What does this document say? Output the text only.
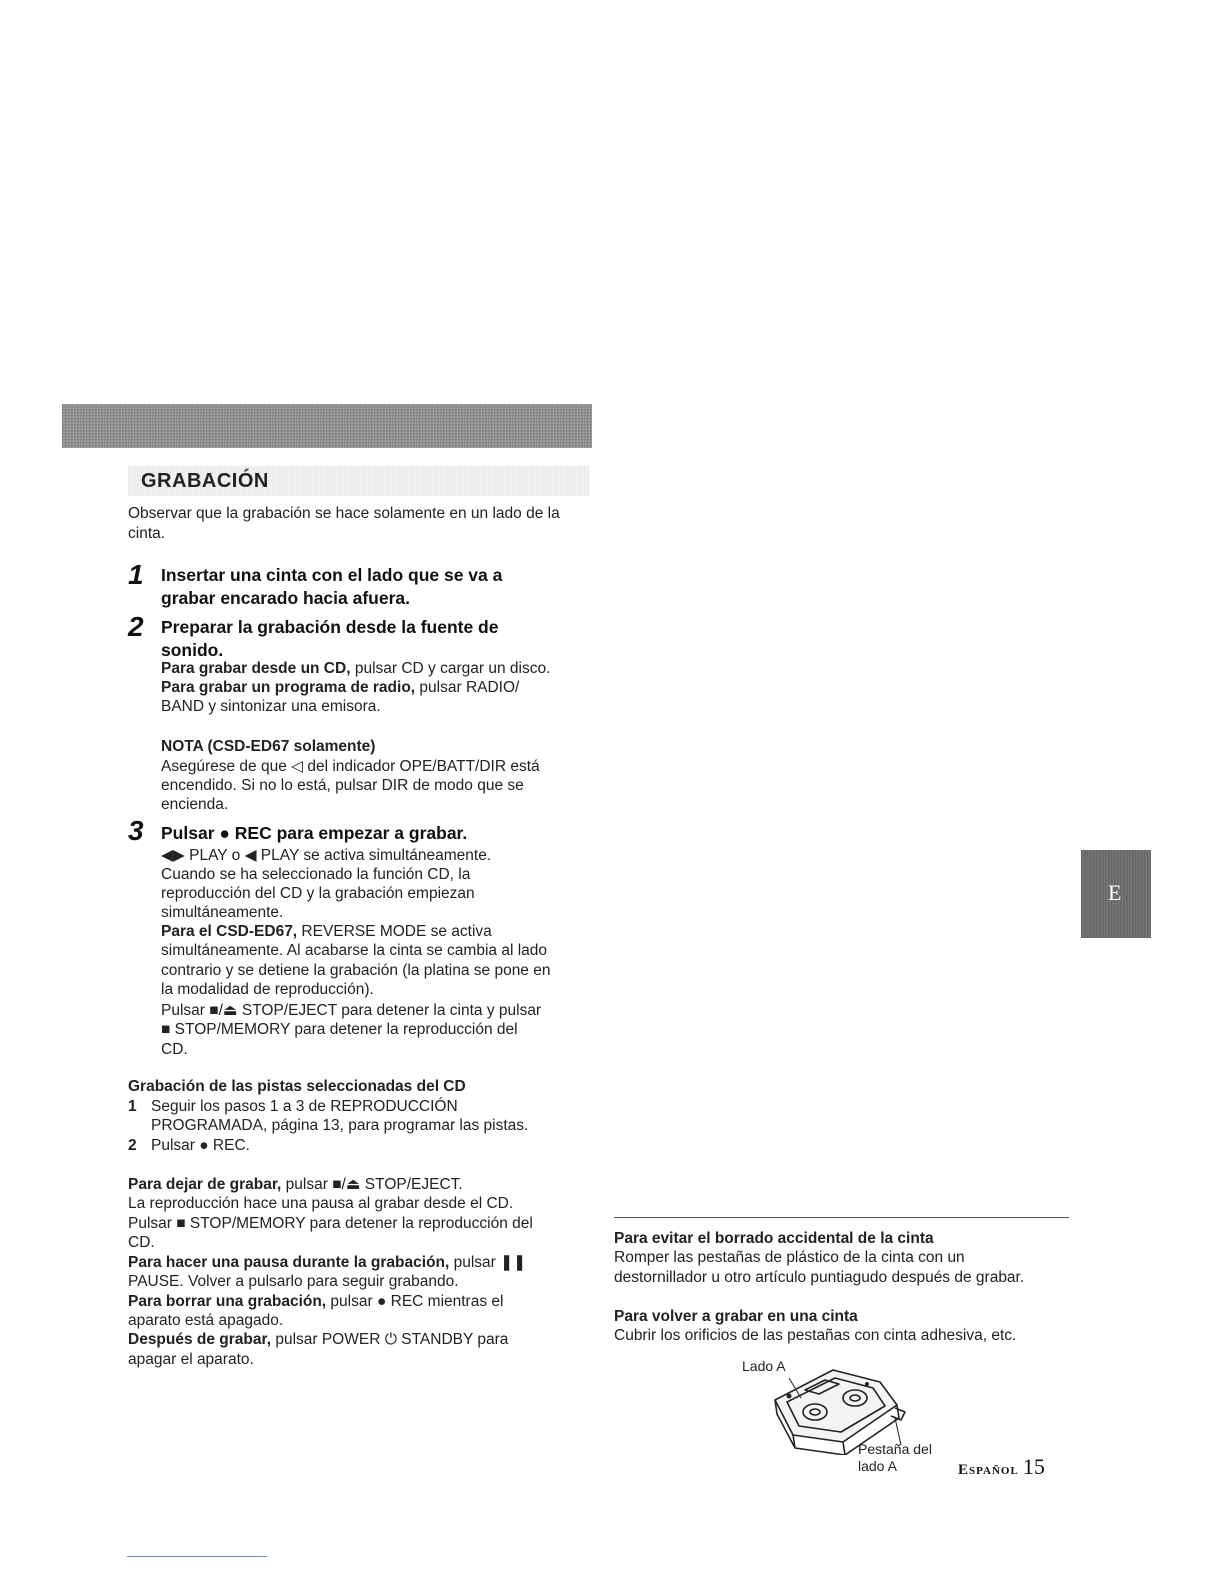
GRABACIÓN
Observar que la grabación se hace solamente en un lado de la cinta.
1 Insertar una cinta con el lado que se va a
grabar encarado hacia afuera.
2 Preparar la grabación desde la fuente de
sonido.
Para grabar desde un CD, pulsar CD y cargar un disco.
Para grabar un programa de radio, pulsar RADIO/
BAND y sintonizar una emisora.
NOTA (CSD-ED67 solamente)
Asegúrese de que ◁ del indicador OPE/BATT/DIR está
encendido. Si no lo está, pulsar DIR de modo que se
encienda.
3 Pulsar ● REC para empezar a grabar.
◀▶ PLAY o ◀ PLAY se activa simultáneamente.
Cuando se ha seleccionado la función CD, la
reproducción del CD y la grabación empiezan
simultáneamente.
Para el CSD-ED67, REVERSE MODE se activa
simultáneamente. Al acabarse la cinta se cambia al lado
contrario y se detiene la grabación (la platina se pone en
la modalidad de reproducción).
Pulsar ■/⏏ STOP/EJECT para detener la cinta y pulsar
■ STOP/MEMORY para detener la reproducción del
CD.
Grabación de las pistas seleccionadas del CD
1 Seguir los pasos 1 a 3 de REPRODUCCIÓN
PROGRAMADA, página 13, para programar las pistas.
2 Pulsar ● REC.
Para dejar de grabar, pulsar ■/⏏ STOP/EJECT.
La reproducción hace una pausa al grabar desde el CD.
Pulsar ■ STOP/MEMORY para detener la reproducción del
CD.
Para hacer una pausa durante la grabación, pulsar ❚❚
PAUSE. Volver a pulsarlo para seguir grabando.
Para borrar una grabación, pulsar ● REC mientras el
aparato está apagado.
Después de grabar, pulsar POWER ⏻ STANDBY para
apagar el aparato.
E
Para evitar el borrado accidental de la cinta
Romper las pestañas de plástico de la cinta con un
destornillador u otro artículo puntiagudo después de grabar.
Para volver a grabar en una cinta
Cubrir los orificios de las pestañas con cinta adhesiva, etc.
Lado A
Pestaña del
lado A	Español 15
